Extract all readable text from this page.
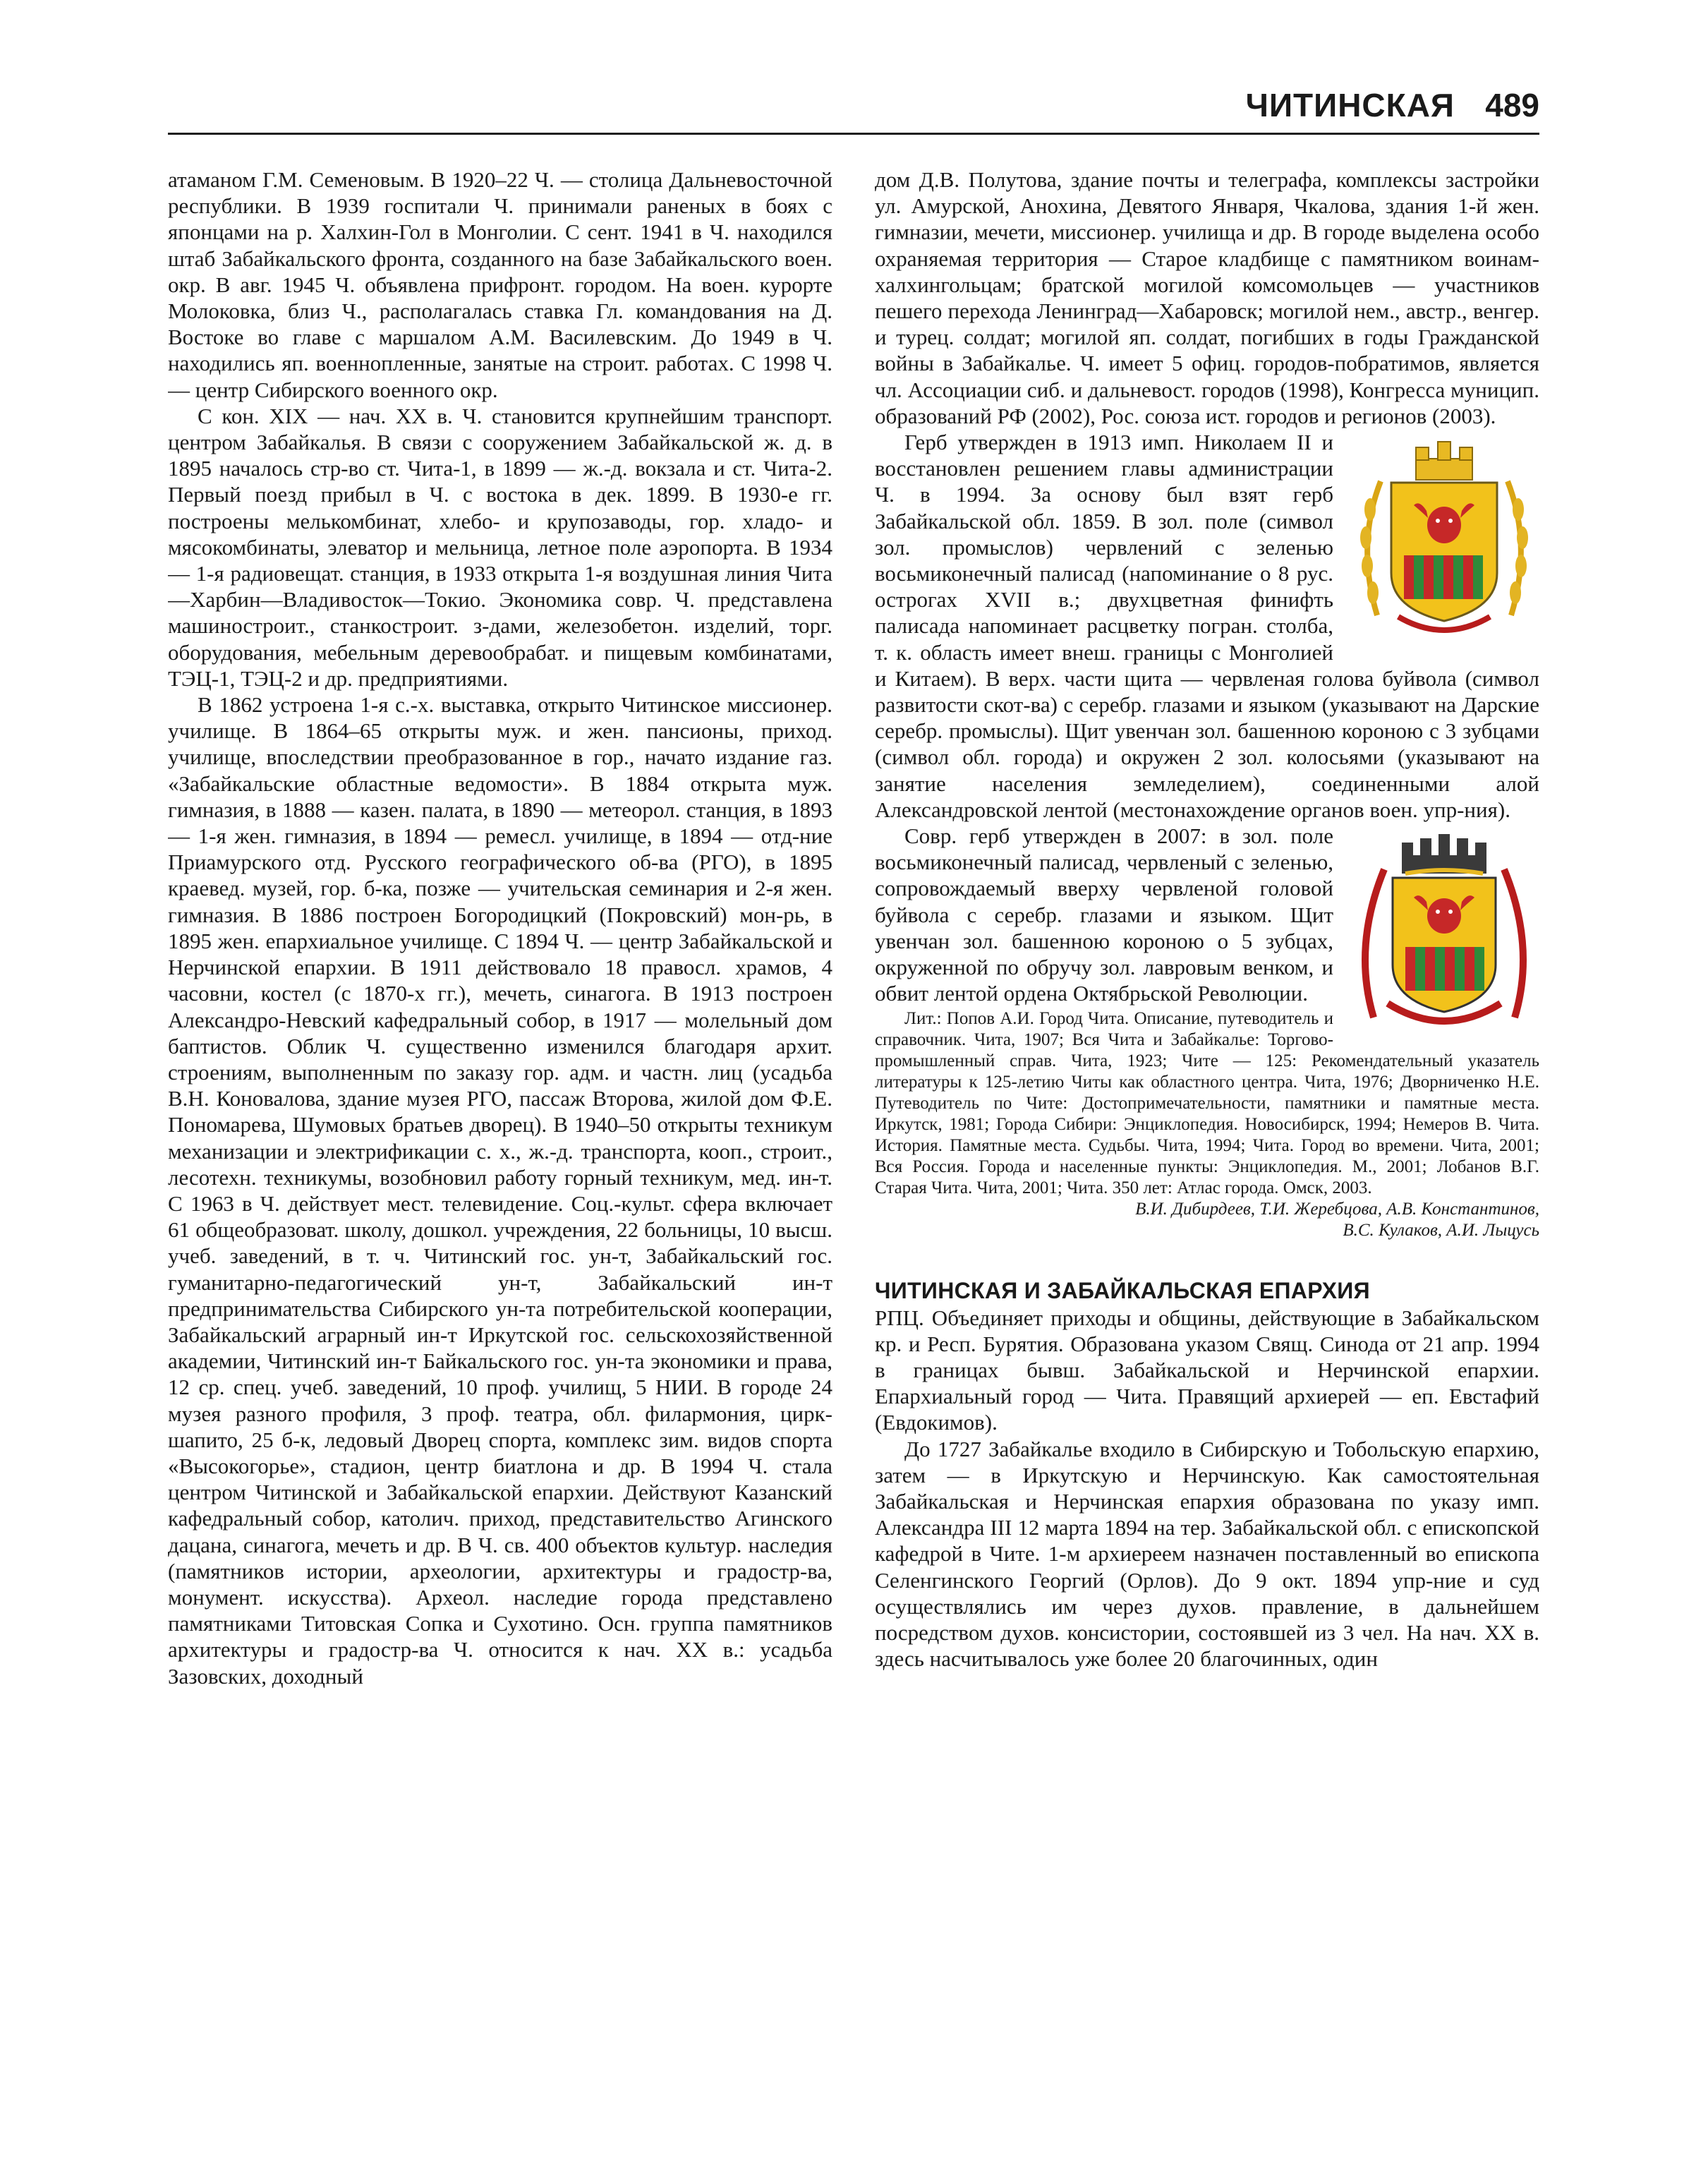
ЧИТИНСКАЯ 489

атаманом Г.М. Семеновым. В 1920–22 Ч. — столица Дальневосточной республики. В 1939 госпитали Ч. принимали раненых в боях с японцами на р. Халхин-Гол в Монголии. С сент. 1941 в Ч. находился штаб Забайкальского фронта, созданного на базе Забайкальского воен. окр. В авг. 1945 Ч. объявлена прифронт. городом. На воен. курорте Молоковка, близ Ч., располагалась ставка Гл. командования на Д. Востоке во главе с маршалом А.М. Василевским. До 1949 в Ч. находились яп. военнопленные, занятые на строит. работах. С 1998 Ч. — центр Сибирского военного окр.

С кон. XIX — нач. XX в. Ч. становится крупнейшим транспорт. центром Забайкалья. В связи с сооружением Забайкальской ж. д. в 1895 началось стр-во ст. Чита-1, в 1899 — ж.-д. вокзала и ст. Чита-2. Первый поезд прибыл в Ч. с востока в дек. 1899. В 1930-е гг. построены мелькомбинат, хлебо- и крупозаводы, гор. хладо- и мясокомбинаты, элеватор и мельница, летное поле аэропорта. В 1934 — 1-я радиовещат. станция, в 1933 открыта 1-я воздушная линия Чита—Харбин—Владивосток—Токио. Экономика совр. Ч. представлена машиностроит., станкостроит. з-дами, железобетон. изделий, торг. оборудования, мебельным деревообрабат. и пищевым комбинатами, ТЭЦ-1, ТЭЦ-2 и др. предприятиями.

В 1862 устроена 1-я с.-х. выставка, открыто Читинское миссионер. училище. В 1864–65 открыты муж. и жен. пансионы, приход. училище, впоследствии преобразованное в гор., начато издание газ. «Забайкальские областные ведомости». В 1884 открыта муж. гимназия, в 1888 — казен. палата, в 1890 — метеорол. станция, в 1893 — 1-я жен. гимназия, в 1894 — ремесл. училище, в 1894 — отд-ние Приамурского отд. Русского географического об-ва (РГО), в 1895 краевед. музей, гор. б-ка, позже — учительская семинария и 2-я жен. гимназия. В 1886 построен Богородицкий (Покровский) мон-рь, в 1895 жен. епархиальное училище. С 1894 Ч. — центр Забайкальской и Нерчинской епархии. В 1911 действовало 18 правосл. храмов, 4 часовни, костел (с 1870-х гг.), мечеть, синагога. В 1913 построен Александро-Невский кафедральный собор, в 1917 — молельный дом баптистов. Облик Ч. существенно изменился благодаря архит. строениям, выполненным по заказу гор. адм. и частн. лиц (усадьба В.Н. Коновалова, здание музея РГО, пассаж Второва, жилой дом Ф.Е. Пономарева, Шумовых братьев дворец). В 1940–50 открыты техникум механизации и электрификации с. х., ж.-д. транспорта, кооп., строит., лесотехн. техникумы, возобновил работу горный техникум, мед. ин-т. С 1963 в Ч. действует мест. телевидение. Соц.-культ. сфера включает 61 общеобразоват. школу, дошкол. учреждения, 22 больницы, 10 высш. учеб. заведений, в т. ч. Читинский гос. ун-т, Забайкальский гос. гуманитарно-педагогический ун-т, Забайкальский ин-т предпринимательства Сибирского ун-та потребительской кооперации, Забайкальский аграрный ин-т Иркутской гос. сельскохозяйственной академии, Читинский ин-т Байкальского гос. ун-та экономики и права, 12 ср. спец. учеб. заведений, 10 проф. училищ, 5 НИИ. В городе 24 музея разного профиля, 3 проф. театра, обл. филармония, цирк-шапито, 25 б-к, ледовый Дворец спорта, комплекс зим. видов спорта «Высокогорье», стадион, центр биатлона и др. В 1994 Ч. стала центром Читинской и Забайкальской епархии. Действуют Казанский кафедральный собор, католич. приход, представительство Агинского дацана, синагога, мечеть и др. В Ч. св. 400 объектов культур. наследия (памятников истории, археологии, архитектуры и градостр-ва, монумент. искусства). Археол. наследие города представлено памятниками Титовская Сопка и Сухотино. Осн. группа памятников архитектуры и градостр-ва Ч. относится к нач. XX в.: усадьба Зазовских, доходный

дом Д.В. Полутова, здание почты и телеграфа, комплексы застройки ул. Амурской, Анохина, Девятого Января, Чкалова, здания 1-й жен. гимназии, мечети, миссионер. училища и др. В городе выделена особо охраняемая территория — Старое кладбище с памятником воинам-халхингольцам; братской могилой комсомольцев — участников пешего перехода Ленинград—Хабаровск; могилой нем., австр., венгер. и турец. солдат; могилой яп. солдат, погибших в годы Гражданской войны в Забайкалье. Ч. имеет 5 офиц. городов-побратимов, является чл. Ассоциации сиб. и дальневост. городов (1998), Конгресса муницип. образований РФ (2002), Рос. союза ист. городов и регионов (2003).

Герб утвержден в 1913 имп. Николаем II и восстановлен решением главы администрации Ч. в 1994. За основу был взят герб Забайкальской обл. 1859. В зол. поле (символ зол. промыслов) червлений с зеленью восьмиконечный палисад (напоминание о 8 рус. острогах XVII в.; двухцветная финифть палисада напоминает расцветку погран. столба, т. к. область имеет внеш. границы с Монголией и Китаем). В верх. части щита — червленая голова буйвола (символ развитости скот-ва) с серебр. глазами и языком (указывают на Дарские серебр. промыслы). Щит увенчан зол. башенною короною с 3 зубцами (символ обл. города) и окружен 2 зол. колосьями (указывают на занятие населения земледелием), соединенными алой Александровской лентой (местонахождение органов воен. упр-ния).

Совр. герб утвержден в 2007: в зол. поле восьмиконечный палисад, червленый с зеленью, сопровождаемый вверху червленой головой буйвола с серебр. глазами и языком. Щит увенчан зол. башенною короною о 5 зубцах, окруженной по обручу зол. лавровым венком, и обвит лентой ордена Октябрьской Революции.

Лит.: Попов А.И. Город Чита. Описание, путеводитель и справочник. Чита, 1907; Вся Чита и Забайкалье: Торгово-промышленный справ. Чита, 1923; Чите — 125: Рекомендательный указатель литературы к 125-летию Читы как областного центра. Чита, 1976; Дворниченко Н.Е. Путеводитель по Чите: Достопримечательности, памятники и памятные места. Иркутск, 1981; Города Сибири: Энциклопедия. Новосибирск, 1994; Немеров В. Чита. История. Памятные места. Судьбы. Чита, 1994; Чита. Город во времени. Чита, 2001; Вся Россия. Города и населенные пункты: Энциклопедия. М., 2001; Лобанов В.Г. Старая Чита. Чита, 2001; Чита. 350 лет: Атлас города. Омск, 2003.

В.И. Дибирдеев, Т.И. Жеребцова, А.В. Константинов,
В.С. Кулаков, А.И. Лыцусь
ЧИТИНСКАЯ И ЗАБАЙКАЛЬСКАЯ ЕПАРХИЯ

РПЦ. Объединяет приходы и общины, действующие в Забайкальском кр. и Респ. Бурятия. Образована указом Свящ. Синода от 21 апр. 1994 в границах бывш. Забайкальской и Нерчинской епархии. Епархиальный город — Чита. Правящий архиерей — еп. Евстафий (Евдокимов).

До 1727 Забайкалье входило в Сибирскую и Тобольскую епархию, затем — в Иркутскую и Нерчинскую. Как самостоятельная Забайкальская и Нерчинская епархия образована по указу имп. Александра III 12 марта 1894 на тер. Забайкальской обл. с епископской кафедрой в Чите. 1-м архиереем назначен поставленный во епископа Селенгинского Георгий (Орлов). До 9 окт. 1894 упр-ние и суд осуществлялись им через духов. правление, в дальнейшем посредством духов. консистории, состоявшей из 3 чел. На нач. XX в. здесь насчитывалось уже более 20 благочинных, один
